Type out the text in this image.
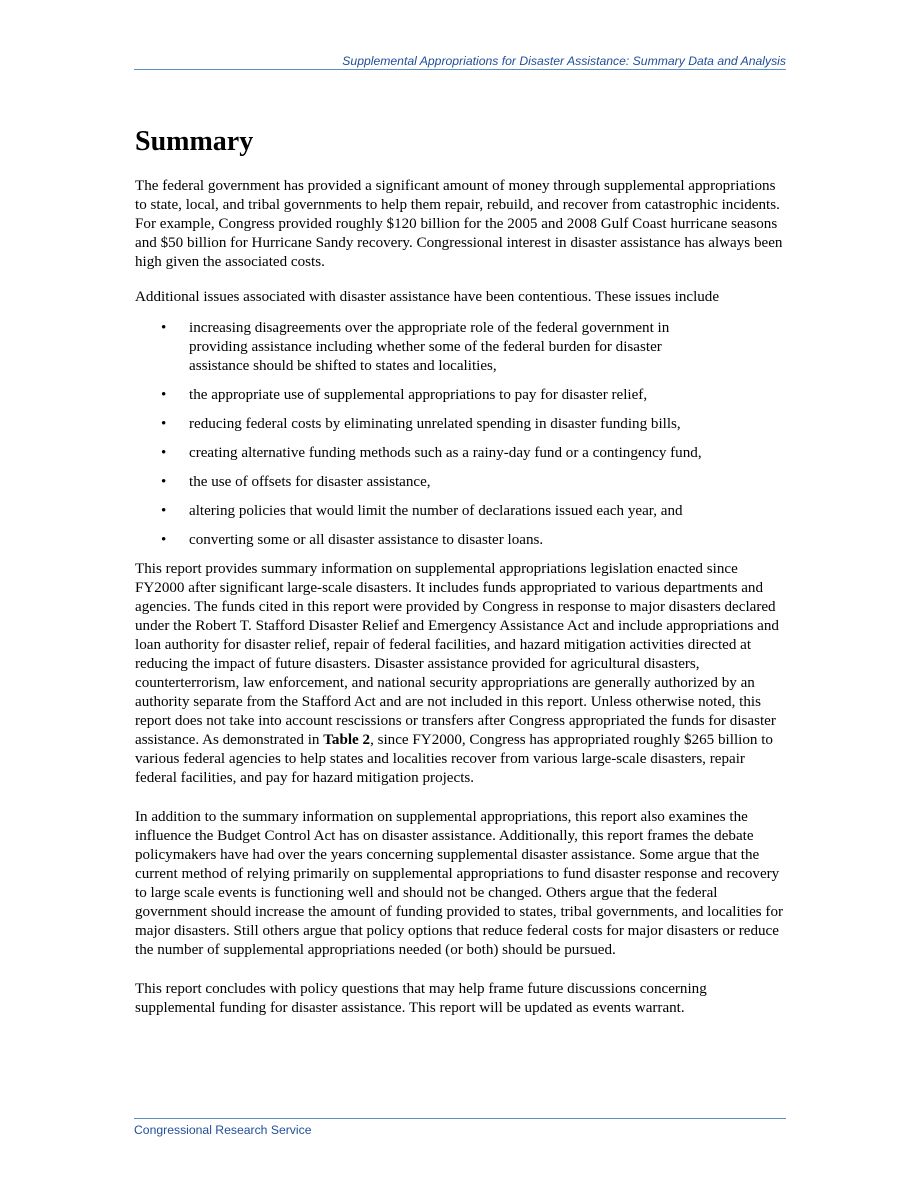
Supplemental Appropriations for Disaster Assistance: Summary Data and Analysis
Summary

The federal government has provided a significant amount of money through supplemental appropriations to state, local, and tribal governments to help them repair, rebuild, and recover from catastrophic incidents. For example, Congress provided roughly $120 billion for the 2005 and 2008 Gulf Coast hurricane seasons and $50 billion for Hurricane Sandy recovery. Congressional interest in disaster assistance has always been high given the associated costs.

Additional issues associated with disaster assistance have been contentious. These issues include

• increasing disagreements over the appropriate role of the federal government in providing assistance including whether some of the federal burden for disaster assistance should be shifted to states and localities,
• the appropriate use of supplemental appropriations to pay for disaster relief,
• reducing federal costs by eliminating unrelated spending in disaster funding bills,
• creating alternative funding methods such as a rainy-day fund or a contingency fund,
• the use of offsets for disaster assistance,
• altering policies that would limit the number of declarations issued each year, and
• converting some or all disaster assistance to disaster loans.

This report provides summary information on supplemental appropriations legislation enacted since FY2000 after significant large-scale disasters. It includes funds appropriated to various departments and agencies. The funds cited in this report were provided by Congress in response to major disasters declared under the Robert T. Stafford Disaster Relief and Emergency Assistance Act and include appropriations and loan authority for disaster relief, repair of federal facilities, and hazard mitigation activities directed at reducing the impact of future disasters. Disaster assistance provided for agricultural disasters, counterterrorism, law enforcement, and national security appropriations are generally authorized by an authority separate from the Stafford Act and are not included in this report. Unless otherwise noted, this report does not take into account rescissions or transfers after Congress appropriated the funds for disaster assistance. As demonstrated in Table 2, since FY2000, Congress has appropriated roughly $265 billion to various federal agencies to help states and localities recover from various large-scale disasters, repair federal facilities, and pay for hazard mitigation projects.

In addition to the summary information on supplemental appropriations, this report also examines the influence the Budget Control Act has on disaster assistance. Additionally, this report frames the debate policymakers have had over the years concerning supplemental disaster assistance. Some argue that the current method of relying primarily on supplemental appropriations to fund disaster response and recovery to large scale events is functioning well and should not be changed. Others argue that the federal government should increase the amount of funding provided to states, tribal governments, and localities for major disasters. Still others argue that policy options that reduce federal costs for major disasters or reduce the number of supplemental appropriations needed (or both) should be pursued.

This report concludes with policy questions that may help frame future discussions concerning supplemental funding for disaster assistance. This report will be updated as events warrant.

Congressional Research Service
